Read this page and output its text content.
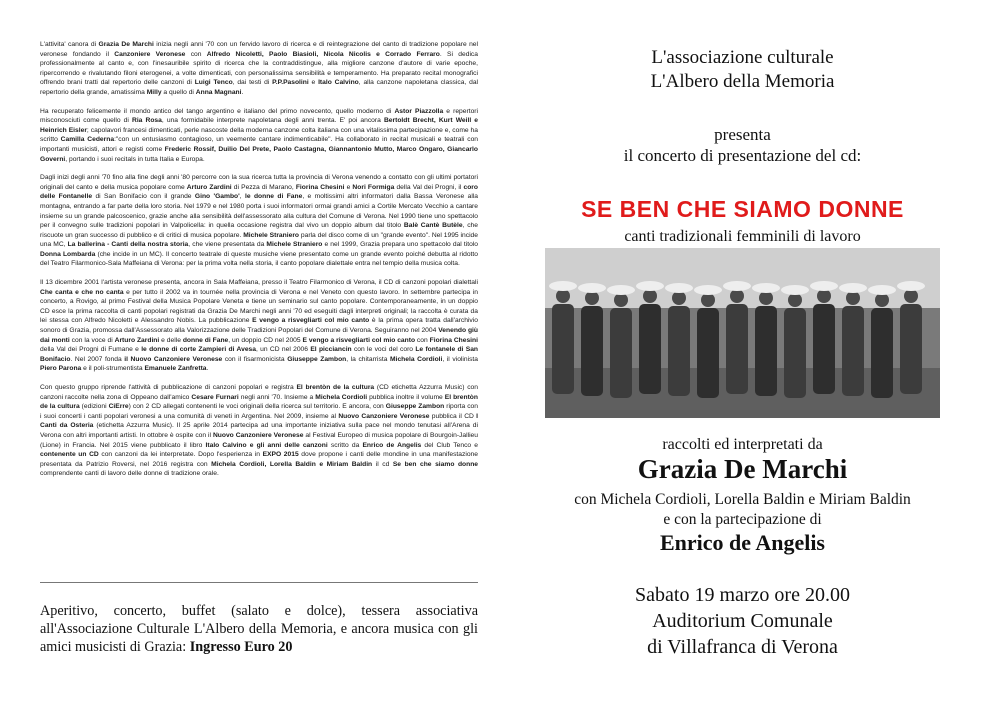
L'attivita' canora di Grazia De Marchi inizia negli anni '70 con un fervido lavoro di ricerca e di reintegrazione del canto di tradizione popolare nel veronese fondando il Canzoniere Veronese con Alfredo Nicoletti, Paolo Biasioli, Nicola Nicolis e Corrado Ferraro. Si dedica professionalmente al canto e, con l'inesauribile spirito di ricerca che la contraddistingue, alla migliore canzone d'autore di varie epoche, ripercorrendo e rivalutando filoni eterogenei, a volte dimenticati, con personalissima sensibilità e temperamento. Ha preparato recital monografici offrendo brani tratti dal repertorio delle canzoni di Luigi Tenco, dai testi di P.P.Pasolini e Italo Calvino, alla canzone napoletana classica, dal repertorio della grande, amatissima Milly a quello di Anna Magnani.

Ha recuperato felicemente il mondo antico del tango argentino e italiano del primo novecento, quello moderno di Astor Piazzolla e repertori misconosciuti come quello di Ria Rosa, una formidabile interprete napoletana degli anni trenta. E' poi ancora Bertoldt Brecht, Kurt Weill e Heinrich Eisler; capolavori francesi dimenticati, perle nascoste della moderna canzone colta italiana con una vitalissima partecipazione e, come ha scritto Camilla Cederna:"con un entusiasmo contagioso, un veemente cantare indimenticabile". Ha collaborato in recital musicali e teatrali con importanti musicisti, attori e registi come Frederic Rossif, Duilio Del Prete, Paolo Castagna, Giannantonio Mutto, Marco Ongaro, Giancarlo Governi, portando i suoi recitals in tutta Italia e Europa.

Dagli inizi degli anni '70 fino alla fine degli anni '80 percorre con la sua ricerca tutta la provincia di Verona venendo a contatto con gli ultimi portatori originali del canto e della musica popolare come Arturo Zardini di Pezza di Marano, Fiorina Chesini e Nori Formiga della Val dei Progni, il coro delle Fontanelle di San Bonifacio con il grande Gino 'Gambo', le donne di Fane, e moltissimi altri informatori dalla Bassa Veronese alla montagna, entrando a far parte della loro storia. Nel 1979 e nel 1980 porta i suoi informatori ormai grandi amici a Cortile Mercato Vecchio a cantare insieme su un grande palcoscenico, grazie anche alla sensibilità dell'assessorato alla cultura del Comune di Verona. Nel 1990 tiene uno spettacolo per il convegno sulle tradizioni popolari in Valpolicella: in quella occasione registra dal vivo un doppio album dal titolo Balè Cantè Butèle, che riscuote un gran successo di pubblico e di critici di musica popolare. Michele Straniero parla del disco come di un "grande evento". Nel 1995 incide una MC, La ballerina - Canti della nostra storia, che viene presentata da Michele Straniero e nel 1999, Grazia prepara uno spettacolo dal titolo Donna Lombarda (che incide in un MC). Il concerto teatrale di queste musiche viene presentato come un grande evento poiché debutta al ridotto del Teatro Filarmonico-Sala Maffeiana di Verona: per la prima volta nella storia, il canto popolare dialettale entra nel tempio della musica colta.

Il 13 dicembre 2001 l'artista veronese presenta, ancora in Sala Maffeiana, presso il Teatro Filarmonico di Verona, il CD di canzoni popolari dialettali Che canta e che no canta e per tutto il 2002 va in tournée nella provincia di Verona e nel Veneto con questo lavoro. In settembre partecipa in concerto, a Rovigo, al primo Festival della Musica Popolare Veneta e tiene un seminario sul canto popolare. Contemporaneamente, in un doppio CD esce la prima raccolta di canti popolari registrati da Grazia De Marchi negli anni '70 ed eseguiti dagli interpreti originali; la raccolta è curata da lei stessa con Alfredo Nicoletti e Alessandro Nobis. La pubblicazione E vengo a risvegliarti col mio canto è la prima opera tratta dall'archivio sonoro di Grazia, promossa dall'Assessorato alla Valorizzazione delle Tradizioni Popolari del Comune di Verona. Seguiranno nel 2004 Venendo giù dai monti con la voce di Arturo Zardini e delle donne di Fane, un doppio CD nel 2005 E vengo a risvegliarti col mio canto con Fiorina Chesini della Val dei Progni di Fumane e le donne di corte Zampieri di Avesa, un CD nel 2006 El picciancin con le voci del coro Le fontanele di San Bonifacio. Nel 2007 fonda il Nuovo Canzoniere Veronese con il fisarmonicista Giuseppe Zambon, la chitarrista Michela Cordioli, il violinista Piero Parona e il poli-strumentista Emanuele Zanfretta.

Con questo gruppo riprende l'attività di pubblicazione di canzoni popolari e registra El brentòn de la cultura (CD etichetta Azzurra Music) con canzoni raccolte nella zona di Oppeano dall'amico Cesare Furnari negli anni '70. Insieme a Michela Cordioli pubblica inoltre il volume El brentòn de la cultura (edizioni CiErre) con 2 CD allegati contenenti le voci originali della ricerca sul territorio. E ancora, con Giuseppe Zambon riporta con i suoi concerti i canti popolari veronesi a una comunità di veneti in Argentina. Nel 2009, insieme al Nuovo Canzoniere Veronese pubblica il CD I Canti da Osteria (etichetta Azzurra Music). Il 25 aprile 2014 partecipa ad una importante iniziativa sulla pace nel mondo tenutasi all'Arena di Verona con altri importanti artisti. In ottobre è ospite con il Nuovo Canzoniere Veronese al Festival Europeo di musica popolare di Bourgoin-Jallieu (Lione) in Francia. Nel 2015 viene pubblicato il libro Italo Calvino e gli anni delle canzoni scritto da Enrico de Angelis del Club Tenco e contenente un CD con canzoni da lei interpretate. Dopo l'esperienza in EXPO 2015 dove propone i canti delle mondine in una manifestazione presentata da Patrizio Roversi, nel 2016 registra con Michela Cordioli, Lorella Baldin e Miriam Baldin il cd Se ben che siamo donne comprendente canti di lavoro delle donne di tradizione orale.

Aperitivo, concerto, buffet (salato e dolce), tessera associativa all'Associazione Culturale L'Albero della Memoria, e ancora musica con gli amici musicisti di Grazia: Ingresso Euro 20
L'associazione culturale
L'Albero della Memoria
presenta
il concerto di presentazione del cd:
SE BEN CHE SIAMO DONNE
canti tradizionali femminili di lavoro
raccolti ed interpretati da
Grazia De Marchi
con Michela Cordioli, Lorella Baldin e Miriam Baldin
e con la partecipazione di
Enrico de Angelis
Sabato 19 marzo ore 20.00
Auditorium Comunale
di Villafranca di Verona
